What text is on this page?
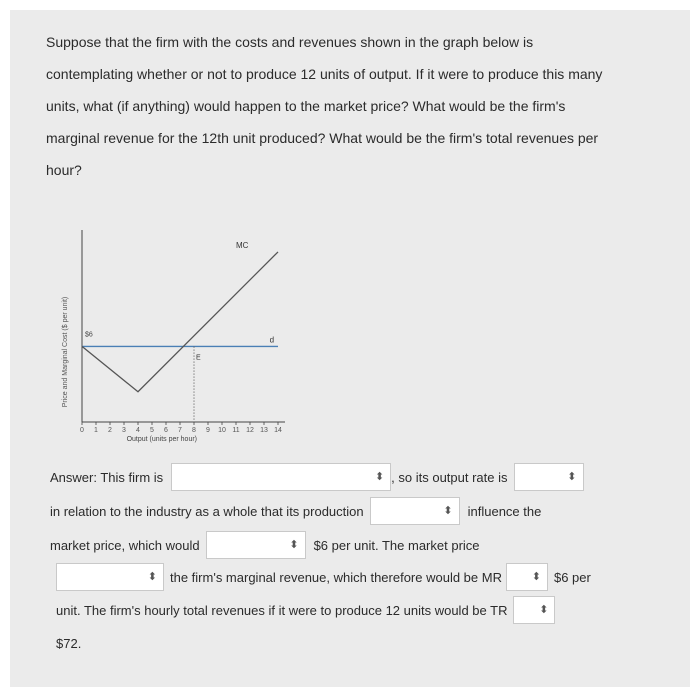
Suppose that the firm with the costs and revenues shown in the graph below is

contemplating whether or not to produce 12 units of output. If it were to produce this many

units, what (if anything) would happen to the market price? What would be the firm's

marginal revenue for the 12th unit produced? What would be the firm's total revenues per

hour?

Price and Marginal Cost ($ per unit)
0 1 2 3 4 5 6 7 8 9 10 11 12 13 14
Output (units per hour)
$6
E
MC
d
Answer: This firm is	⬍ , so its output rate is	⬍
in relation to the industry as a whole that its production	⬍ influence the
market price, which would	⬍ $6 per unit. The market price
⬍ the firm's marginal revenue, which therefore would be MR	⬍ $6 per
unit. The firm's hourly total revenues if it were to produce 12 units would be TR	⬍
$72.
